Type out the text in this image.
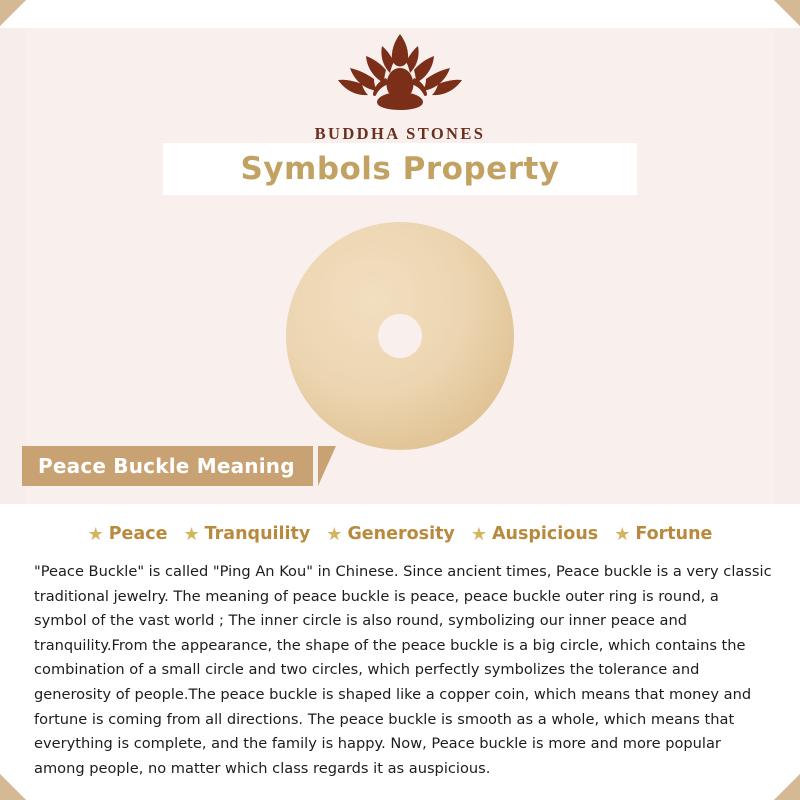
BUDDHA STONES
Symbols Property
Peace Buckle Meaning
★ Peace ★ Tranquility ★ Generosity ★ Auspicious ★ Fortune
"Peace Buckle" is called "Ping An Kou" in Chinese. Since ancient times, Peace buckle is a very classic traditional jewelry. The meaning of peace buckle is peace, peace buckle outer ring is round, a symbol of the vast world ; The inner circle is also round, symbolizing our inner peace and tranquility.From the appearance, the shape of the peace buckle is a big circle, which contains the combination of a small circle and two circles, which perfectly symbolizes the tolerance and generosity of people.The peace buckle is shaped like a copper coin, which means that money and fortune is coming from all directions. The peace buckle is smooth as a whole, which means that everything is complete, and the family is happy. Now, Peace buckle is more and more popular among people, no matter which class regards it as auspicious.
